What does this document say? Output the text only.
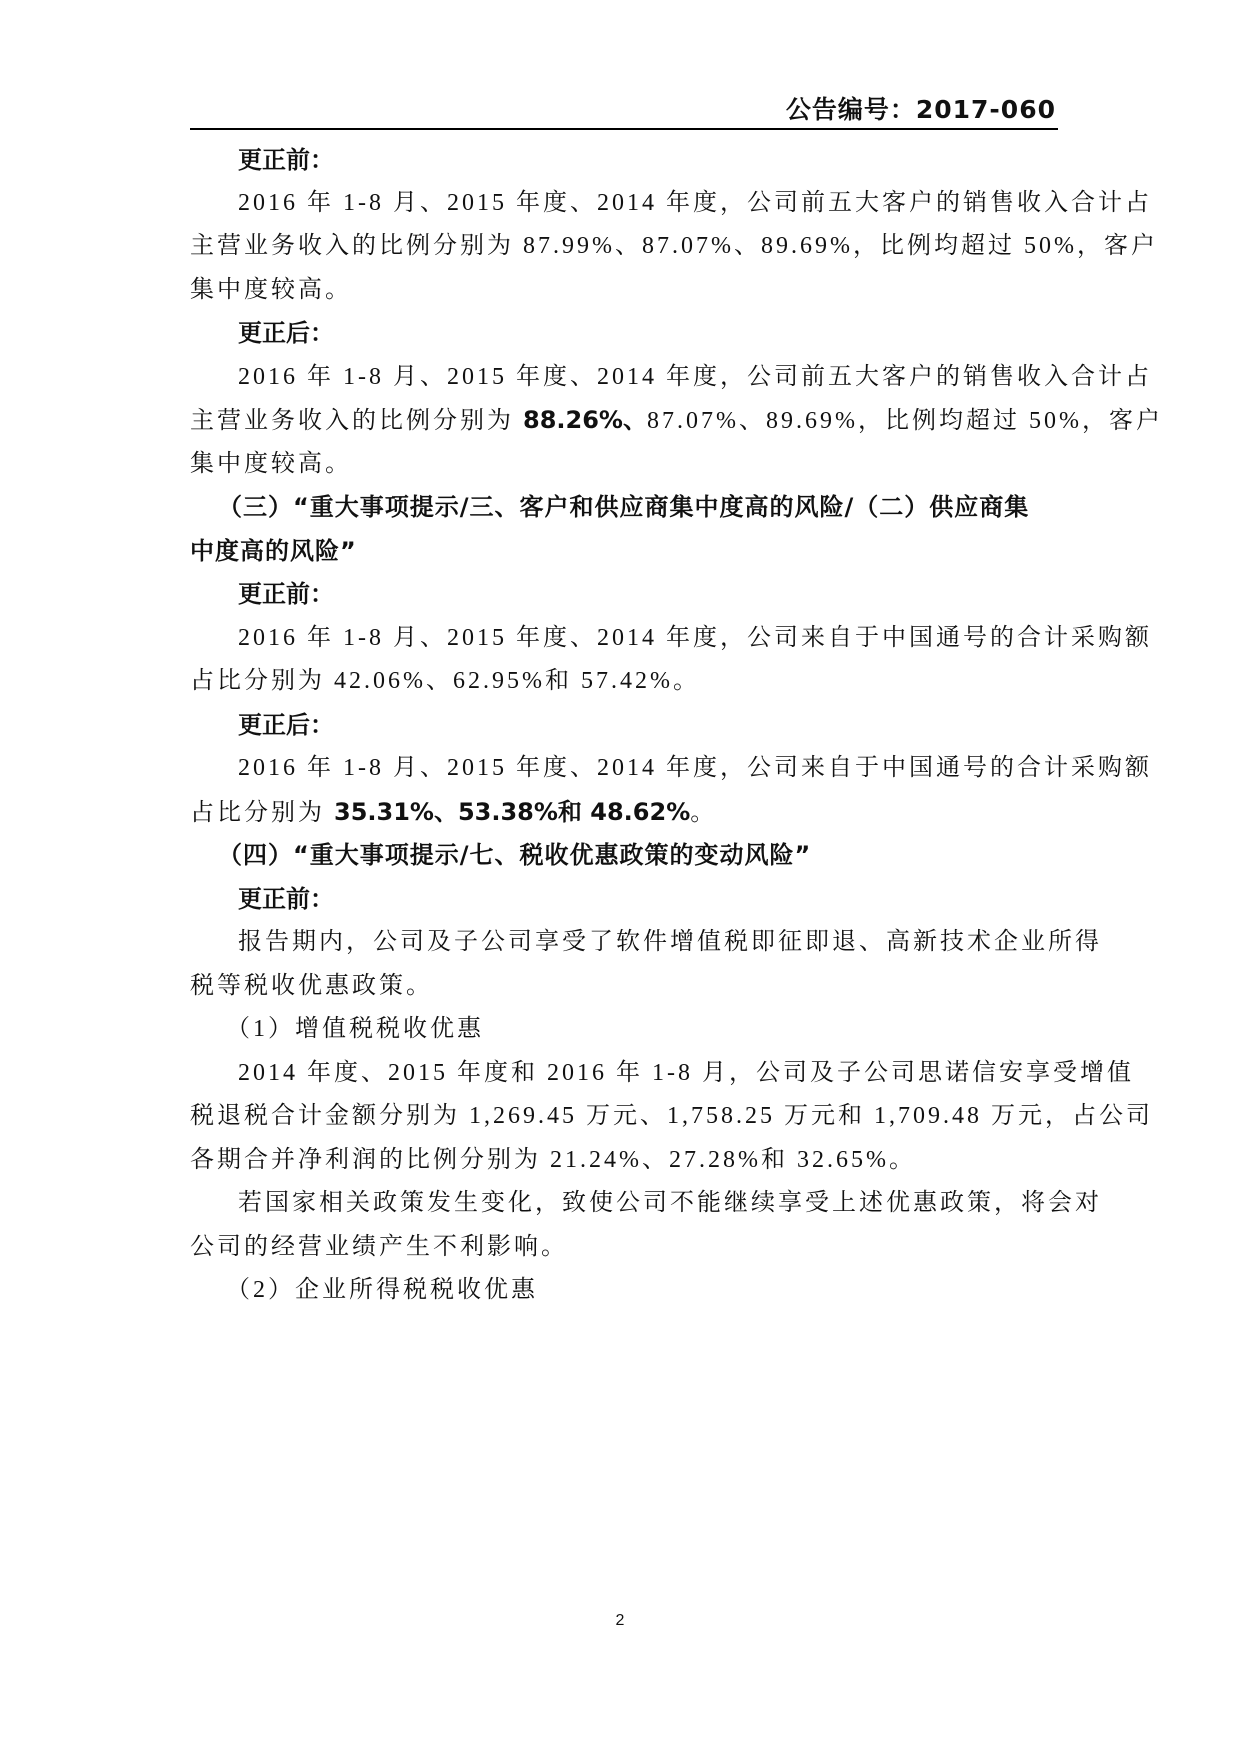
公告编号：2017-060
更正前：
2016 年 1-8 月、2015 年度、2014 年度，公司前五大客户的销售收入合计占
主营业务收入的比例分别为 87.99%、87.07%、89.69%，比例均超过 50%，客户
集中度较高。
更正后：
2016 年 1-8 月、2015 年度、2014 年度，公司前五大客户的销售收入合计占
主营业务收入的比例分别为 88.26%、87.07%、89.69%，比例均超过 50%，客户
集中度较高。
（三）“重大事项提示/三、客户和供应商集中度高的风险/（二）供应商集
中度高的风险”
更正前：
2016 年 1-8 月、2015 年度、2014 年度，公司来自于中国通号的合计采购额
占比分别为 42.06%、62.95%和 57.42%。
更正后：
2016 年 1-8 月、2015 年度、2014 年度，公司来自于中国通号的合计采购额
占比分别为 35.31%、53.38%和 48.62%。
（四）“重大事项提示/七、税收优惠政策的变动风险”
更正前：
报告期内，公司及子公司享受了软件增值税即征即退、高新技术企业所得
税等税收优惠政策。
（1）增值税税收优惠
2014 年度、2015 年度和 2016 年 1-8 月，公司及子公司思诺信安享受增值
税退税合计金额分别为 1,269.45 万元、1,758.25 万元和 1,709.48 万元，占公司
各期合并净利润的比例分别为 21.24%、27.28%和 32.65%。
若国家相关政策发生变化，致使公司不能继续享受上述优惠政策，将会对
公司的经营业绩产生不利影响。
（2）企业所得税税收优惠
2
